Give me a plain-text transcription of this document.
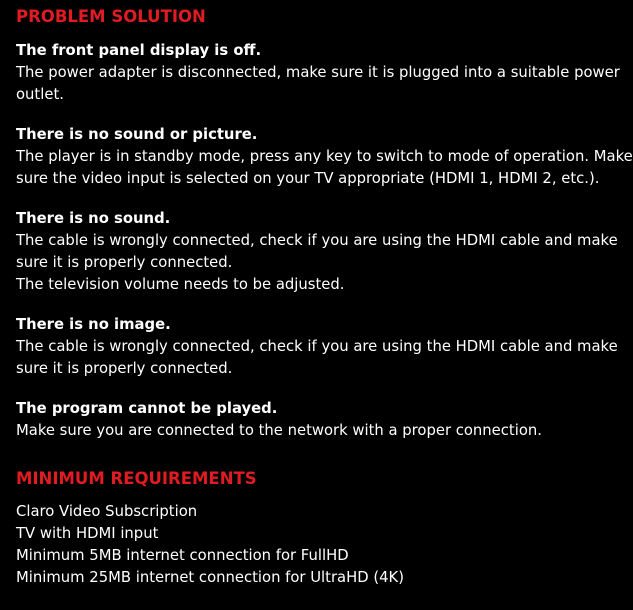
PROBLEM SOLUTION
The front panel display is off.
The power adapter is disconnected, make sure it is plugged into a suitable power outlet.
There is no sound or picture.
The player is in standby mode, press any key to switch to mode of operation. Make sure the video input is selected on your TV appropriate (HDMI 1, HDMI 2, etc.).
There is no sound.
The cable is wrongly connected, check if you are using the HDMI cable and make sure it is properly connected.
The television volume needs to be adjusted.
There is no image.
The cable is wrongly connected, check if you are using the HDMI cable and make sure it is properly connected.
The program cannot be played.
Make sure you are connected to the network with a proper connection.
MINIMUM REQUIREMENTS
Claro Video Subscription
TV with HDMI input
Minimum 5MB internet connection for FullHD
Minimum 25MB internet connection for UltraHD (4K)
